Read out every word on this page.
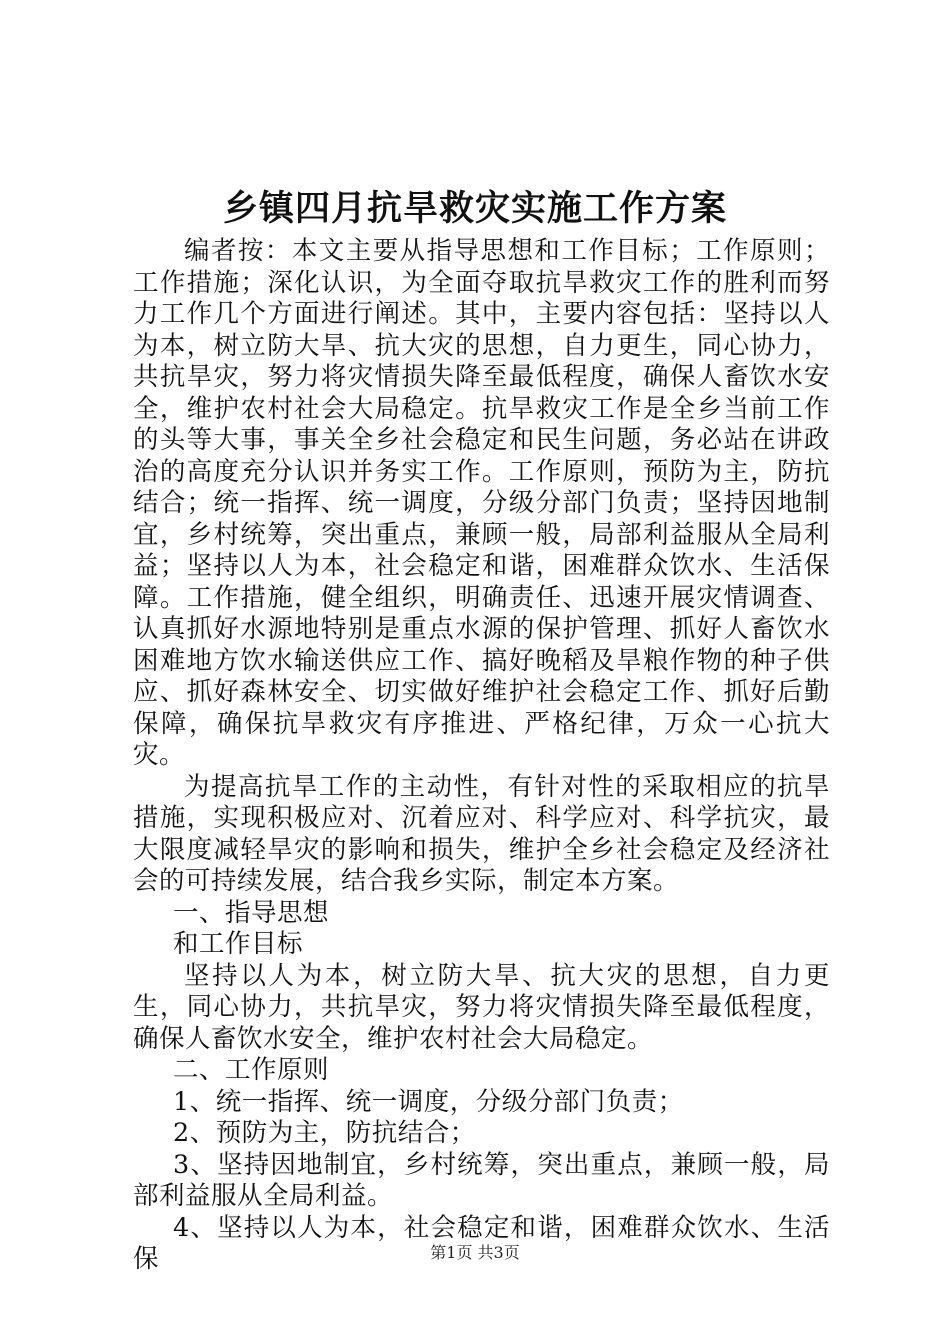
乡镇四月抗旱救灾实施工作方案

编者按：本文主要从指导思想和工作目标；工作原则；工作措施；深化认识，为全面夺取抗旱救灾工作的胜利而努力工作几个方面进行阐述。其中，主要内容包括：坚持以人为本，树立防大旱、抗大灾的思想，自力更生，同心协力，共抗旱灾，努力将灾情损失降至最低程度，确保人畜饮水安全，维护农村社会大局稳定。抗旱救灾工作是全乡当前工作的头等大事，事关全乡社会稳定和民生问题，务必站在讲政治的高度充分认识并务实工作。工作原则，预防为主，防抗结合；统一指挥、统一调度，分级分部门负责；坚持因地制宜，乡村统筹，突出重点，兼顾一般，局部利益服从全局利益；坚持以人为本，社会稳定和谐，困难群众饮水、生活保障。工作措施，健全组织，明确责任、迅速开展灾情调查、认真抓好水源地特别是重点水源的保护管理、抓好人畜饮水困难地方饮水输送供应工作、搞好晚稻及旱粮作物的种子供应、抓好森林安全、切实做好维护社会稳定工作、抓好后勤保障，确保抗旱救灾有序推进、严格纪律，万众一心抗大灾。

为提高抗旱工作的主动性，有针对性的采取相应的抗旱措施，实现积极应对、沉着应对、科学应对、科学抗灾，最大限度减轻旱灾的影响和损失，维护全乡社会稳定及经济社会的可持续发展，结合我乡实际，制定本方案。

一、指导思想

和工作目标

坚持以人为本，树立防大旱、抗大灾的思想，自力更生，同心协力，共抗旱灾，努力将灾情损失降至最低程度，确保人畜饮水安全，维护农村社会大局稳定。

二、工作原则

1、统一指挥、统一调度，分级分部门负责；

2、预防为主，防抗结合；

3、坚持因地制宜，乡村统筹，突出重点，兼顾一般，局部利益服从全局利益。

4、坚持以人为本，社会稳定和谐，困难群众饮水、生活保	第1页 共3页
